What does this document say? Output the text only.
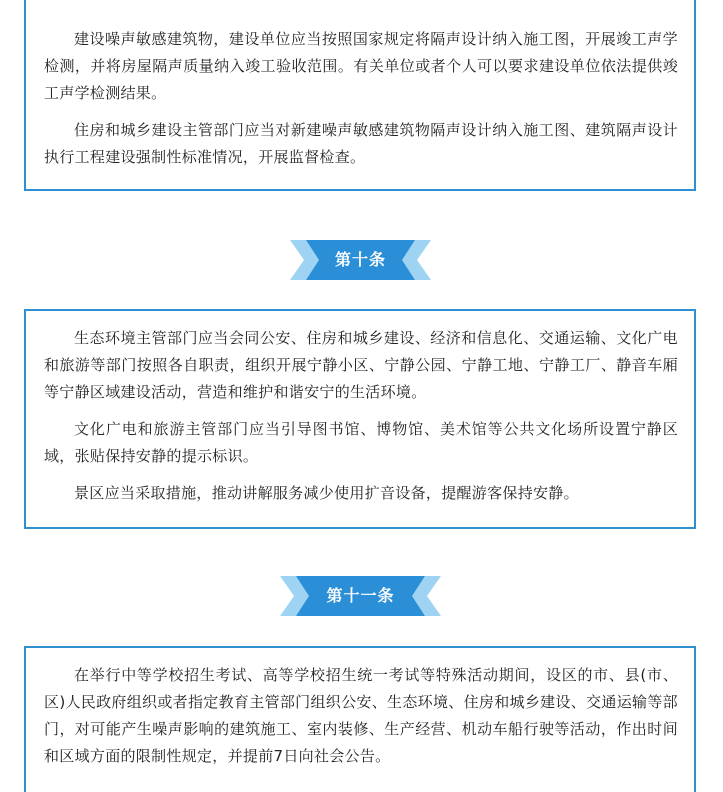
建设噪声敏感建筑物，建设单位应当按照国家规定将隔声设计纳入施工图，开展竣工声学检测，并将房屋隔声质量纳入竣工验收范围。有关单位或者个人可以要求建设单位依法提供竣工声学检测结果。

住房和城乡建设主管部门应当对新建噪声敏感建筑物隔声设计纳入施工图、建筑隔声设计执行工程建设强制性标准情况，开展监督检查。

第十条

生态环境主管部门应当会同公安、住房和城乡建设、经济和信息化、交通运输、文化广电和旅游等部门按照各自职责，组织开展宁静小区、宁静公园、宁静工地、宁静工厂、静音车厢等宁静区域建设活动，营造和维护和谐安宁的生活环境。

文化广电和旅游主管部门应当引导图书馆、博物馆、美术馆等公共文化场所设置宁静区域，张贴保持安静的提示标识。

景区应当采取措施，推动讲解服务减少使用扩音设备，提醒游客保持安静。

第十一条

在举行中等学校招生考试、高等学校招生统一考试等特殊活动期间，设区的市、县(市、区)人民政府组织或者指定教育主管部门组织公安、生态环境、住房和城乡建设、交通运输等部门，对可能产生噪声影响的建筑施工、室内装修、生产经营、机动车船行驶等活动，作出时间和区域方面的限制性规定，并提前7日向社会公告。
